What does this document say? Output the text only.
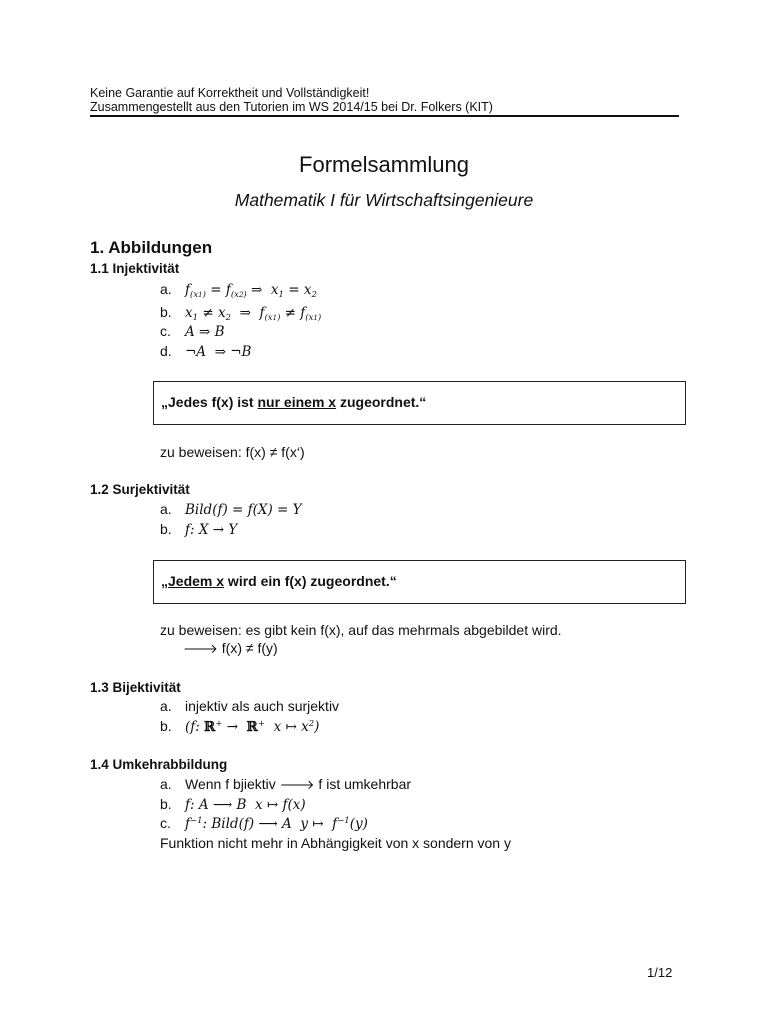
Keine Garantie auf Korrektheit und Vollständigkeit!
Zusammengestellt aus den Tutorien im WS 2014/15 bei Dr. Folkers (KIT)
Formelsammlung
Mathematik I für Wirtschaftsingenieure
1. Abbildungen
1.1 Injektivität
a. $f_{(x1)} = f_{(x2)}$ ⇒  $x_1 = x_2$
b. $x_1 \ne x_2$  ⇒  $f_{(x1)} \ne f_{(x1)}$
c. A ⇒ B
d. ¬A  ⇒ ¬B
„Jedes f(x) ist nur einem x zugeordnet.“
zu beweisen: f(x) ≠ f(x‘)
1.2 Surjektivität
a. Bild(f) = f(X) = Y
b. f: X → Y
„Jedem x wird ein f(x) zugeordnet.“
zu beweisen: es gibt kein f(x), auf das mehrmals abgebildet wird.
🡒 f(x) ≠ f(y)
1.3 Bijektivität
a. injektiv als auch surjektiv
b. (f: ℝ+ →  ℝ+  x ↦ $x^2$)
1.4 Umkehrabbildung
a. Wenn f bjiektiv 🡒 f ist umkehrbar
b. f: A ⟶ B  x ↦ f(x)
c. $f^{-1}$: Bild(f) ⟶ A  y ↦  $f^{-1}(y)$
Funktion nicht mehr in Abhängigkeit von x sondern von y
1/12
